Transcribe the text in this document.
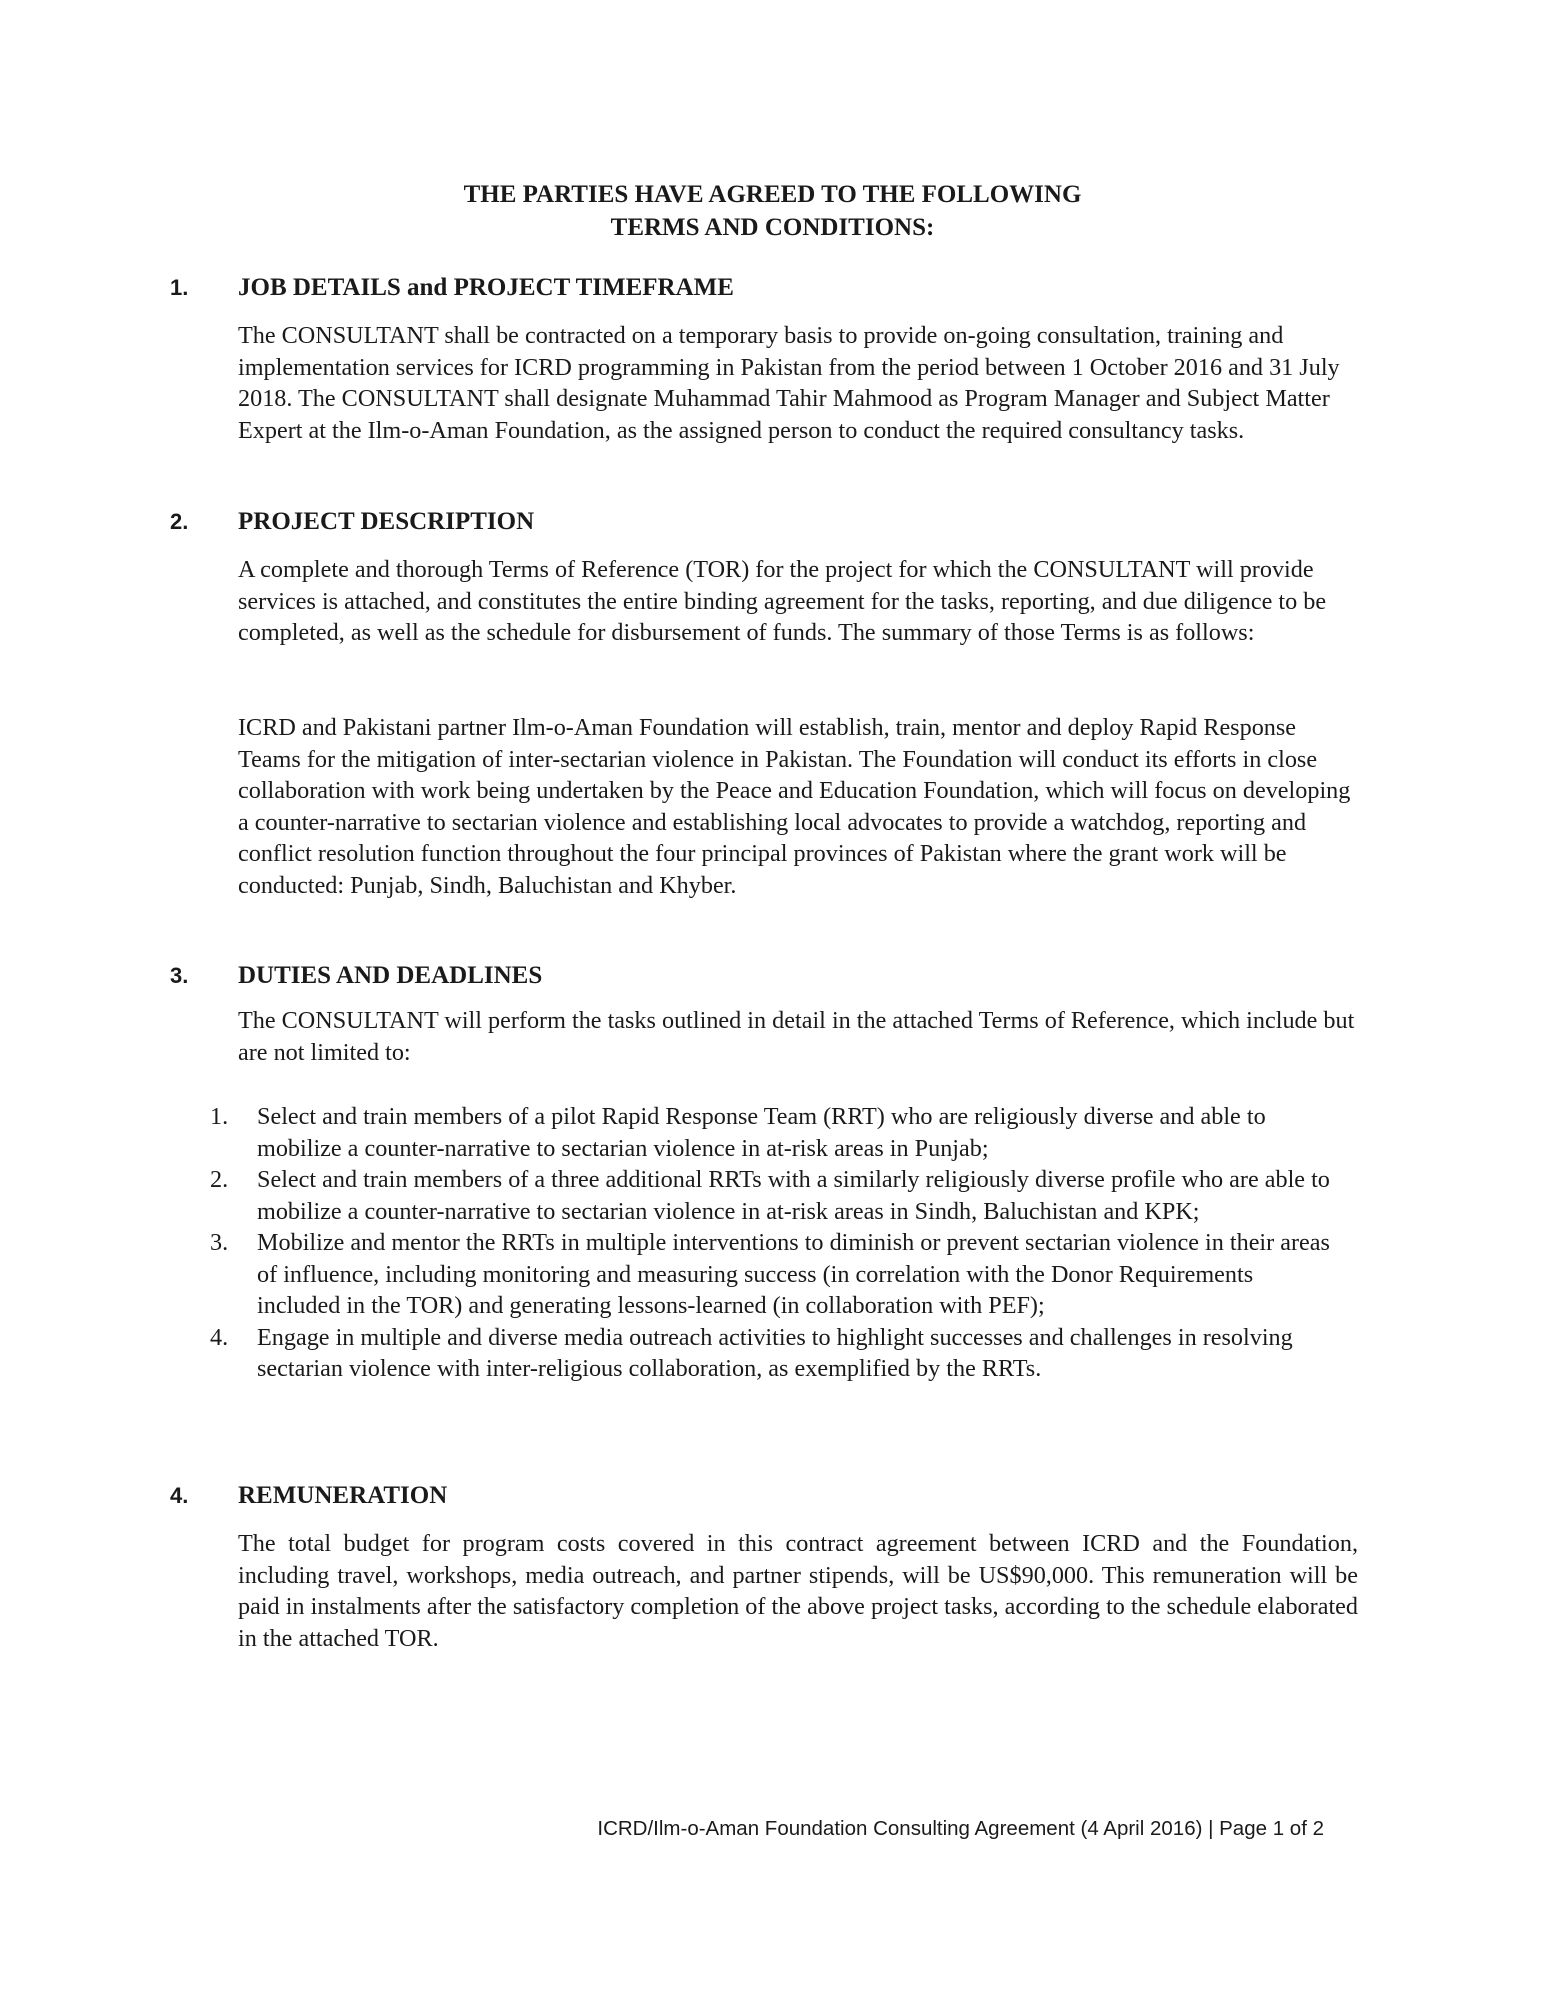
THE PARTIES HAVE AGREED TO THE FOLLOWING
TERMS AND CONDITIONS:
1. JOB DETAILS and PROJECT TIMEFRAME

The CONSULTANT shall be contracted on a temporary basis to provide on-going consultation, training and implementation services for ICRD programming in Pakistan from the period between 1 October 2016 and 31 July 2018. The CONSULTANT shall designate Muhammad Tahir Mahmood as Program Manager and Subject Matter Expert at the Ilm-o-Aman Foundation, as the assigned person to conduct the required consultancy tasks.

2. PROJECT DESCRIPTION

A complete and thorough Terms of Reference (TOR) for the project for which the CONSULTANT will provide services is attached, and constitutes the entire binding agreement for the tasks, reporting, and due diligence to be completed, as well as the schedule for disbursement of funds. The summary of those Terms is as follows:

ICRD and Pakistani partner Ilm-o-Aman Foundation will establish, train, mentor and deploy Rapid Response Teams for the mitigation of inter-sectarian violence in Pakistan. The Foundation will conduct its efforts in close collaboration with work being undertaken by the Peace and Education Foundation, which will focus on developing a counter-narrative to sectarian violence and establishing local advocates to provide a watchdog, reporting and conflict resolution function throughout the four principal provinces of Pakistan where the grant work will be conducted: Punjab, Sindh, Baluchistan and Khyber.

3. DUTIES AND DEADLINES

The CONSULTANT will perform the tasks outlined in detail in the attached Terms of Reference, which include but are not limited to:

1. Select and train members of a pilot Rapid Response Team (RRT) who are religiously diverse and able to mobilize a counter-narrative to sectarian violence in at-risk areas in Punjab;
2. Select and train members of a three additional RRTs with a similarly religiously diverse profile who are able to mobilize a counter-narrative to sectarian violence in at-risk areas in Sindh, Baluchistan and KPK;
3. Mobilize and mentor the RRTs in multiple interventions to diminish or prevent sectarian violence in their areas of influence, including monitoring and measuring success (in correlation with the Donor Requirements included in the TOR) and generating lessons-learned (in collaboration with PEF);
4. Engage in multiple and diverse media outreach activities to highlight successes and challenges in resolving sectarian violence with inter-religious collaboration, as exemplified by the RRTs.
4. REMUNERATION

The total budget for program costs covered in this contract agreement between ICRD and the Foundation, including travel, workshops, media outreach, and partner stipends, will be US$90,000. This remuneration will be paid in instalments after the satisfactory completion of the above project tasks, according to the schedule elaborated in the attached TOR.

ICRD/Ilm-o-Aman Foundation Consulting Agreement (4 April 2016) | Page 1 of 2
